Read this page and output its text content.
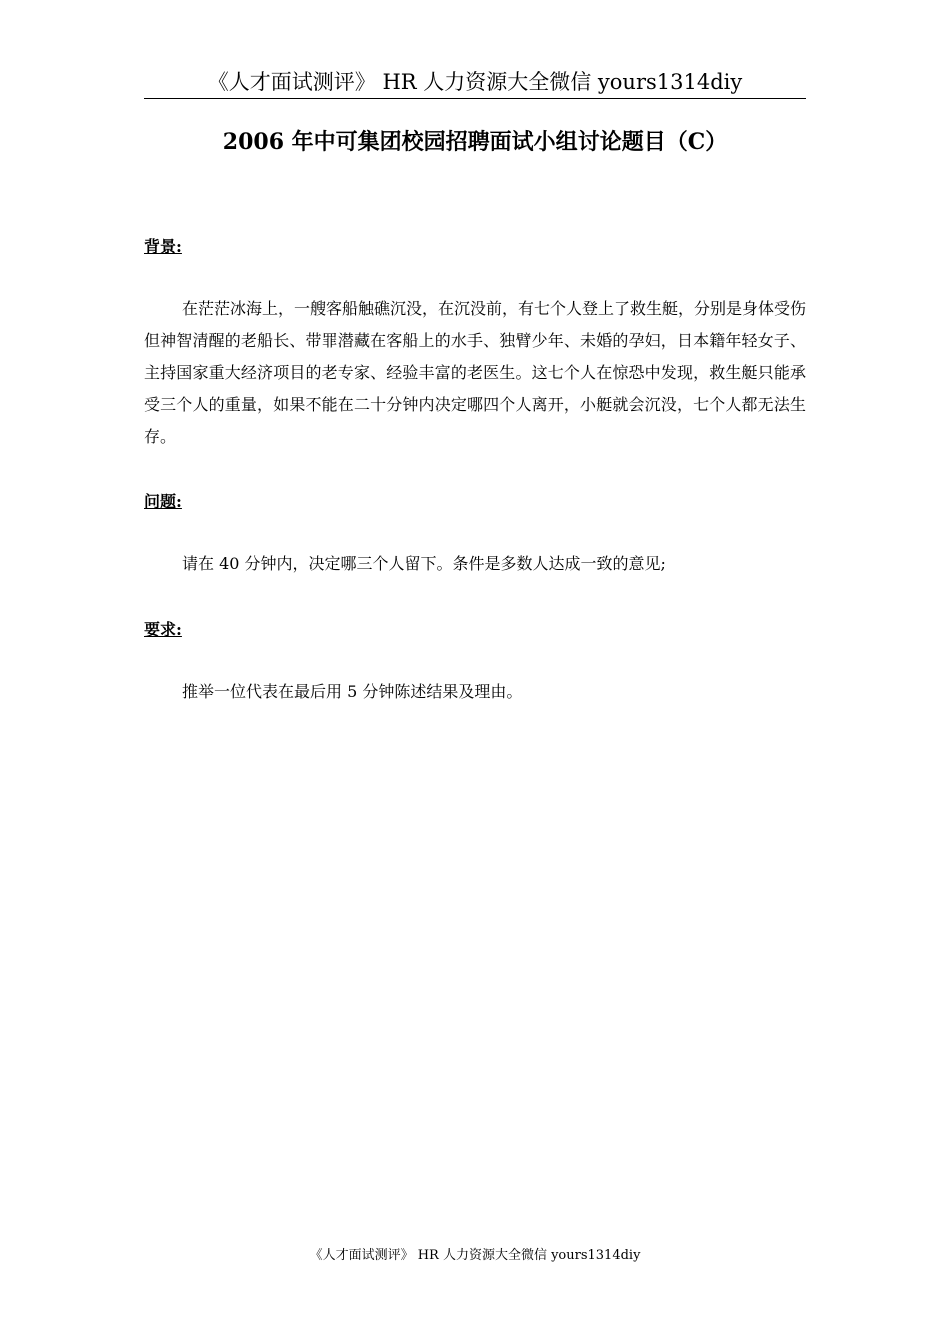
《人才面试测评》 HR 人力资源大全微信 yours1314diy
2006 年中可集团校园招聘面试小组讨论题目（C）
背景:
在茫茫冰海上，一艘客船触礁沉没，在沉没前，有七个人登上了救生艇，分别是身体受伤但神智清醒的老船长、带罪潜藏在客船上的水手、独臂少年、未婚的孕妇，日本籍年轻女子、主持国家重大经济项目的老专家、经验丰富的老医生。这七个人在惊恐中发现，救生艇只能承受三个人的重量，如果不能在二十分钟内决定哪四个人离开，小艇就会沉没，七个人都无法生存。
问题:
请在 40 分钟内，决定哪三个人留下。条件是多数人达成一致的意见;
要求:
推举一位代表在最后用 5 分钟陈述结果及理由。
《人才面试测评》 HR 人力资源大全微信 yours1314diy
